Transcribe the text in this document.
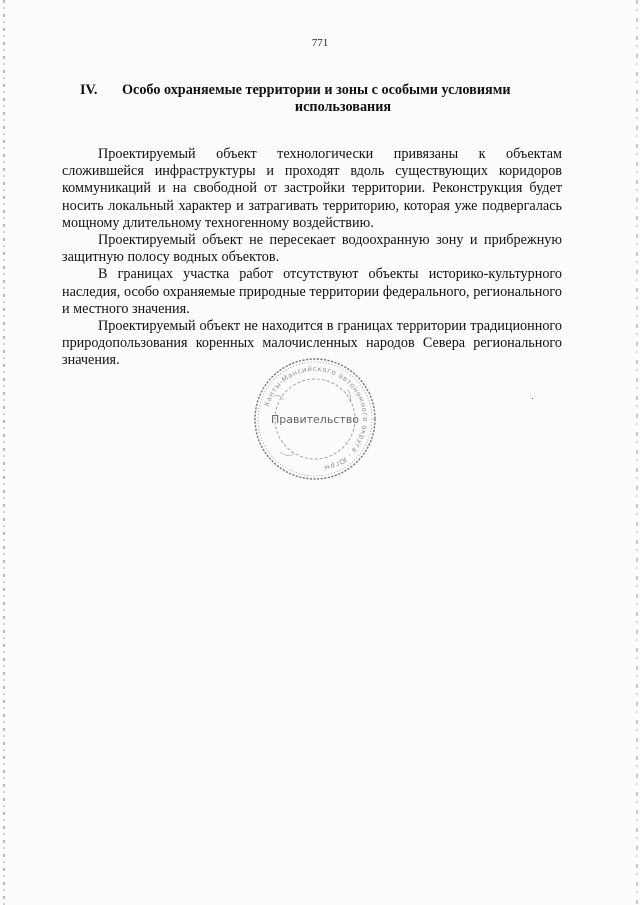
771
IV.	Особо охраняемые территории и зоны с особыми условиями
использования

Проектируемый объект технологически привязаны к объектам сложившейся инфраструктуры и проходят вдоль существующих коридоров коммуникаций и на свободной от застройки территории. Реконструкция будет носить локальный характер и затрагивать территорию, которая уже подвергалась мощному длительному техногенному воздействию.

Проектируемый объект не пересекает водоохранную зону и прибрежную защитную полосу водных объектов.

В границах участка работ отсутствуют объекты историко-культурного наследия, особо охраняемые природные территории федерального, регионального и местного значения.

Проектируемый объект не находится в границах территории традиционного природопользования коренных малочисленных народов Севера регионального значения.

Ханты-Мансийского автономного округа - Югры
Правительство
